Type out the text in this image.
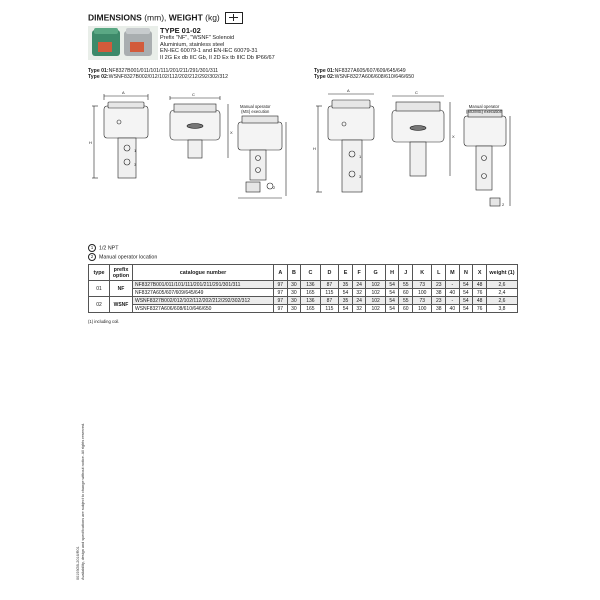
DIMENSIONS (mm), WEIGHT (kg)
TYPE 01-02
Prefix "NF", "WSNF" Solenoid
Aluminium, stainless steel
EN-IEC 60079-1 and EN-IEC 60079-31
II 2G Ex db IIC Gb, II 2D Ex tb IIIC Db IP66/67
Type 01:NF8327B001/011/101/111/201/211/291/301/311
Type 02:WSNF8327B002/012/102/112/202/212/292/302/312
Type 01:NF8327A605/607/609/645/649
Type 02:WSNF8327A606/608/610/646/650
A
H
C
X
1
3
2
Manual operator
(MS) execution
A
H
C
X
1
3
2
Manual operator
(MO/MS) execution
1 1/2 NPT
2 Manual operator location
type	prefix option	catalogue number	A	B	C	D	E	F	G	H	J	K	L	M	N	X	weight (1)
01	NF	NF8327B001/011/101/111/201/211/291/301/311	97	30	136	87	35	24	102	54	55	73	23	-	54	48	2,6
		NF8327A605/607/609/645/649	97	30	165	115	54	32	102	54	60	100	38	40	54	76	2,4
02	WSNF	WSNF8327B002/012/102/112/202/212/292/302/312	97	30	136	87	35	24	102	54	55	73	23	-	54	48	2,6
		WSNF8327A606/608/610/646/650	97	30	165	115	54	32	102	54	60	100	38	40	54	76	3,8
(1) including coil.
Availability, design and specifications are subject to change without notice. All rights reserved.
00193GB-2016/R01
